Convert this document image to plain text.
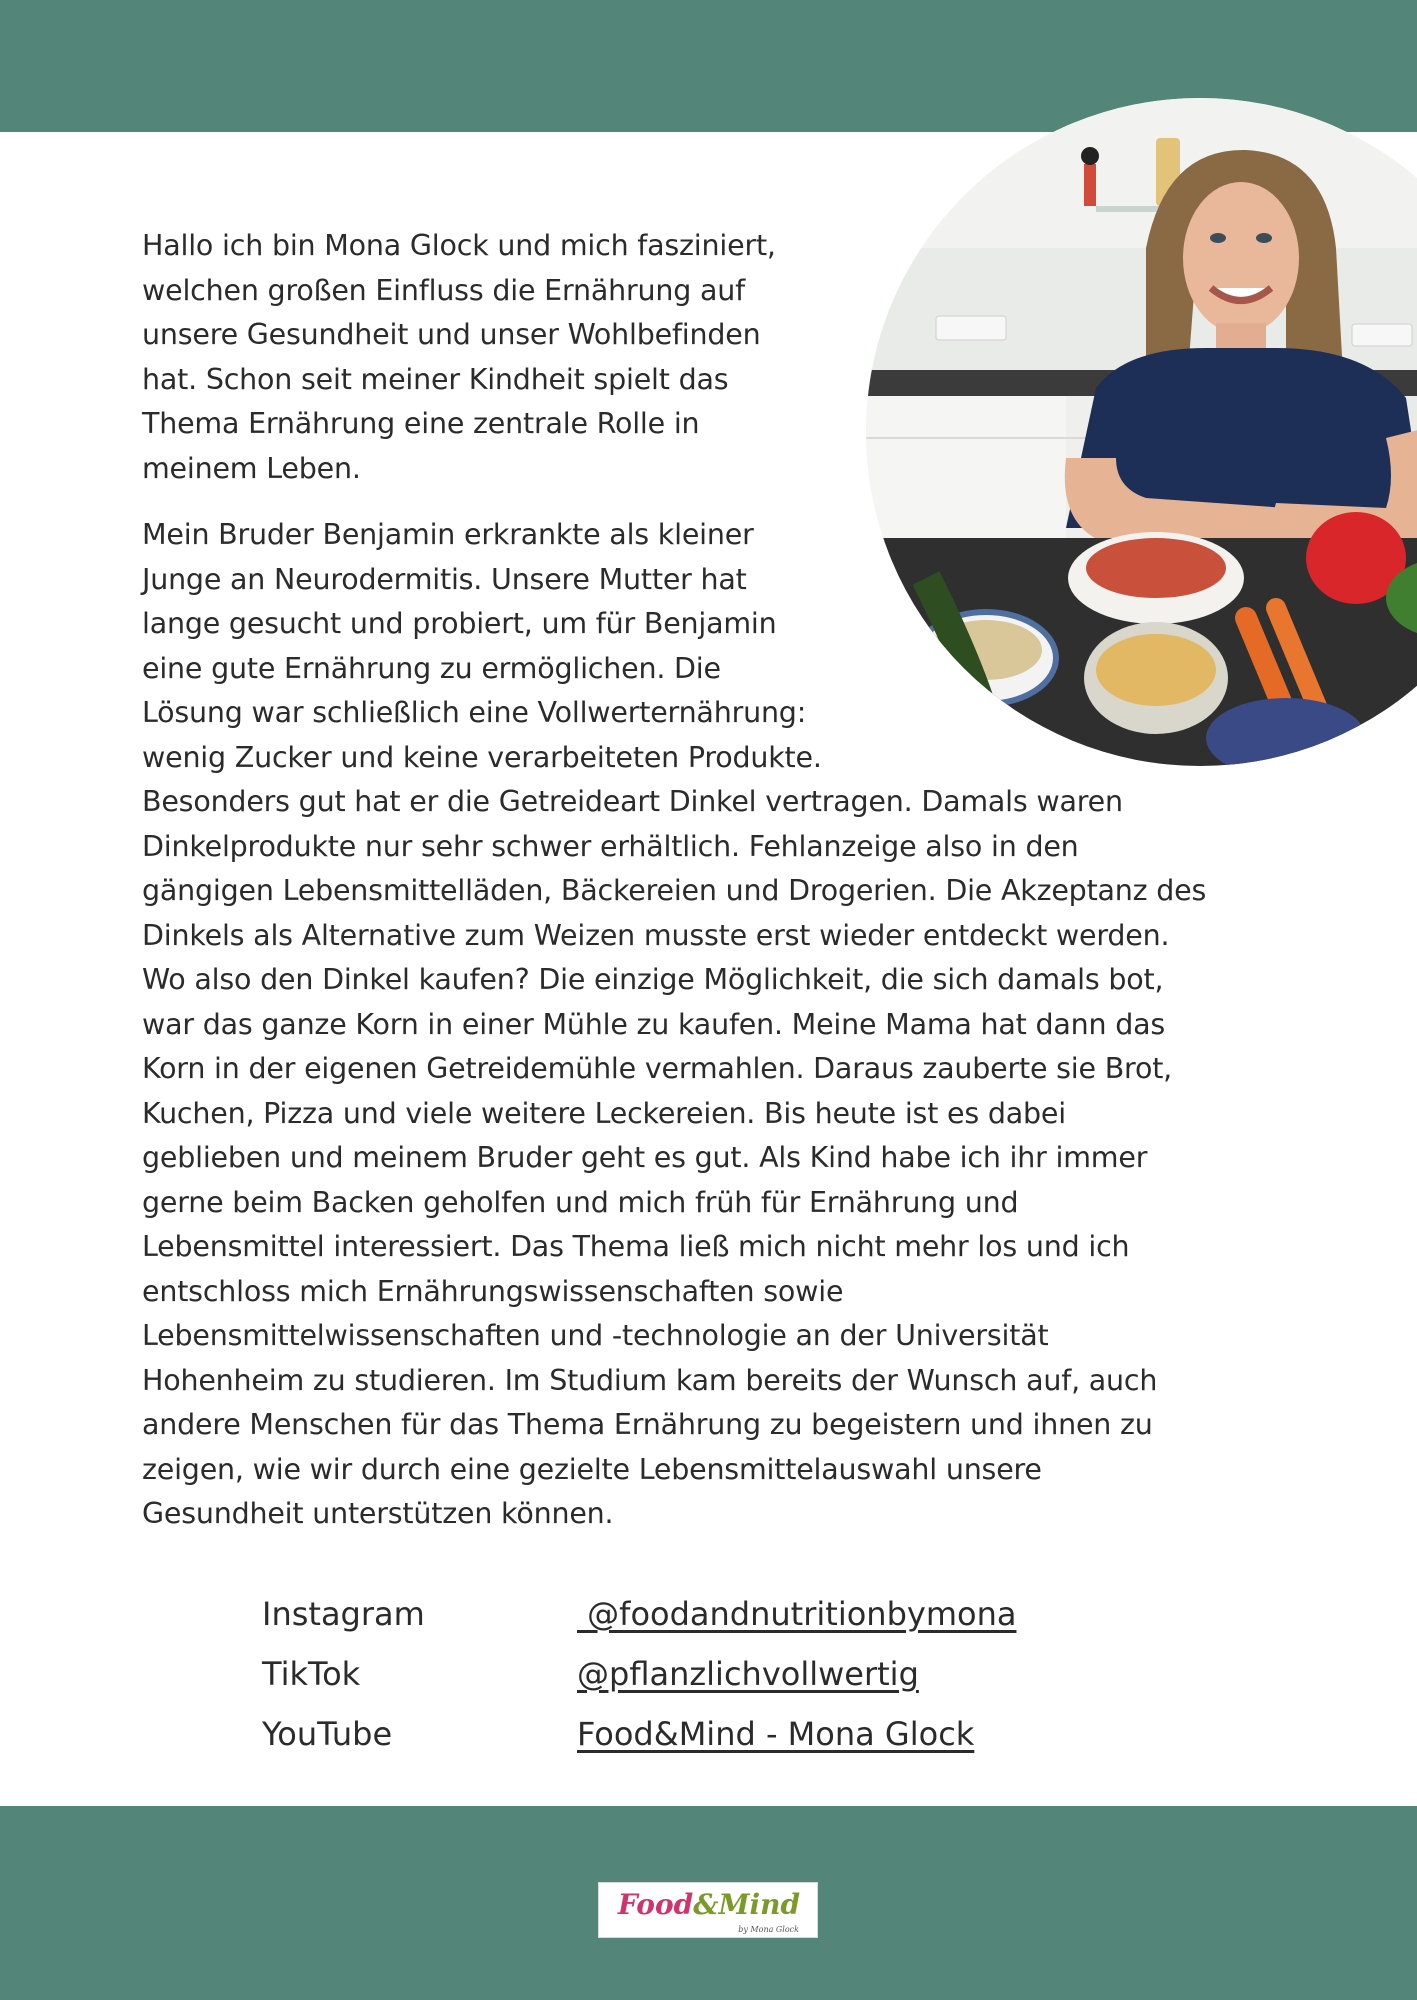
Hallo ich bin Mona Glock und mich fasziniert,
welchen großen Einfluss die Ernährung auf
unsere Gesundheit und unser Wohlbefinden
hat. Schon seit meiner Kindheit spielt das
Thema Ernährung eine zentrale Rolle in
meinem Leben.

Mein Bruder Benjamin erkrankte als kleiner
Junge an Neurodermitis. Unsere Mutter hat
lange gesucht und probiert, um für Benjamin
eine gute Ernährung zu ermöglichen. Die
Lösung war schließlich eine Vollwerternährung:
wenig Zucker und keine verarbeiteten Produkte.
Besonders gut hat er die Getreideart Dinkel vertragen. Damals waren
Dinkelprodukte nur sehr schwer erhältlich. Fehlanzeige also in den
gängigen Lebensmittelläden, Bäckereien und Drogerien. Die Akzeptanz des
Dinkels als Alternative zum Weizen musste erst wieder entdeckt werden.
Wo also den Dinkel kaufen? Die einzige Möglichkeit, die sich damals bot,
war das ganze Korn in einer Mühle zu kaufen. Meine Mama hat dann das
Korn in der eigenen Getreidemühle vermahlen. Daraus zauberte sie Brot,
Kuchen, Pizza und viele weitere Leckereien. Bis heute ist es dabei
geblieben und meinem Bruder geht es gut. Als Kind habe ich ihr immer
gerne beim Backen geholfen und mich früh für Ernährung und
Lebensmittel interessiert. Das Thema ließ mich nicht mehr los und ich
entschloss mich Ernährungswissenschaften sowie
Lebensmittelwissenschaften und -technologie an der Universität
Hohenheim zu studieren. Im Studium kam bereits der Wunsch auf, auch
andere Menschen für das Thema Ernährung zu begeistern und ihnen zu
zeigen, wie wir durch eine gezielte Lebensmittelauswahl unsere
Gesundheit unterstützen können.

Instagram	@foodandnutritionbymona
TikTok	@pflanzlichvollwertig
YouTube	Food&Mind - Mona Glock
Food&Mind
by Mona Glock
